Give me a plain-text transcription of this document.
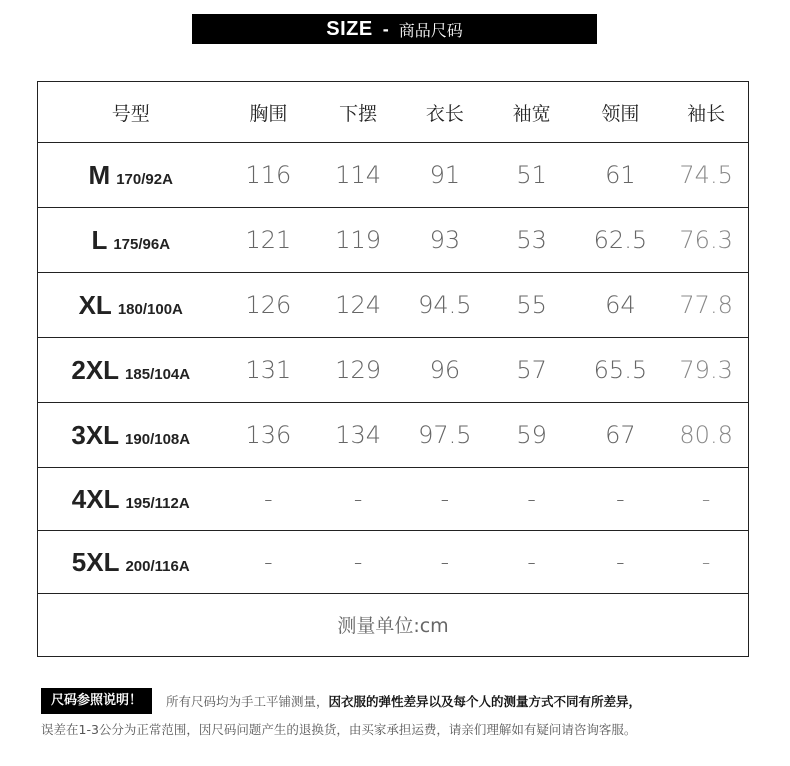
SIZE - 商品尺码
号型	胸围	下摆	衣长	袖宽	领围	袖长
M 170/92A	116	114	91	51	61	74.5
L 175/96A	121	119	93	53	62.5	76.3
XL 180/100A	126	124	94.5	55	64	77.8
2XL 185/104A	131	129	96	57	65.5	79.3
3XL 190/108A	136	134	97.5	59	67	80.8
4XL 195/112A	-	-	-	-	-	-
5XL 200/116A	-	-	-	-	-	-
测量单位:cm
尺码参照说明！	所有尺码均为手工平铺测量， 因衣服的弹性差异以及每个人的测量方式不同有所差异，
误差在1-3公分为正常范围，因尺码问题产生的退换货，由买家承担运费，请亲们理解如有疑问请咨询客服。
